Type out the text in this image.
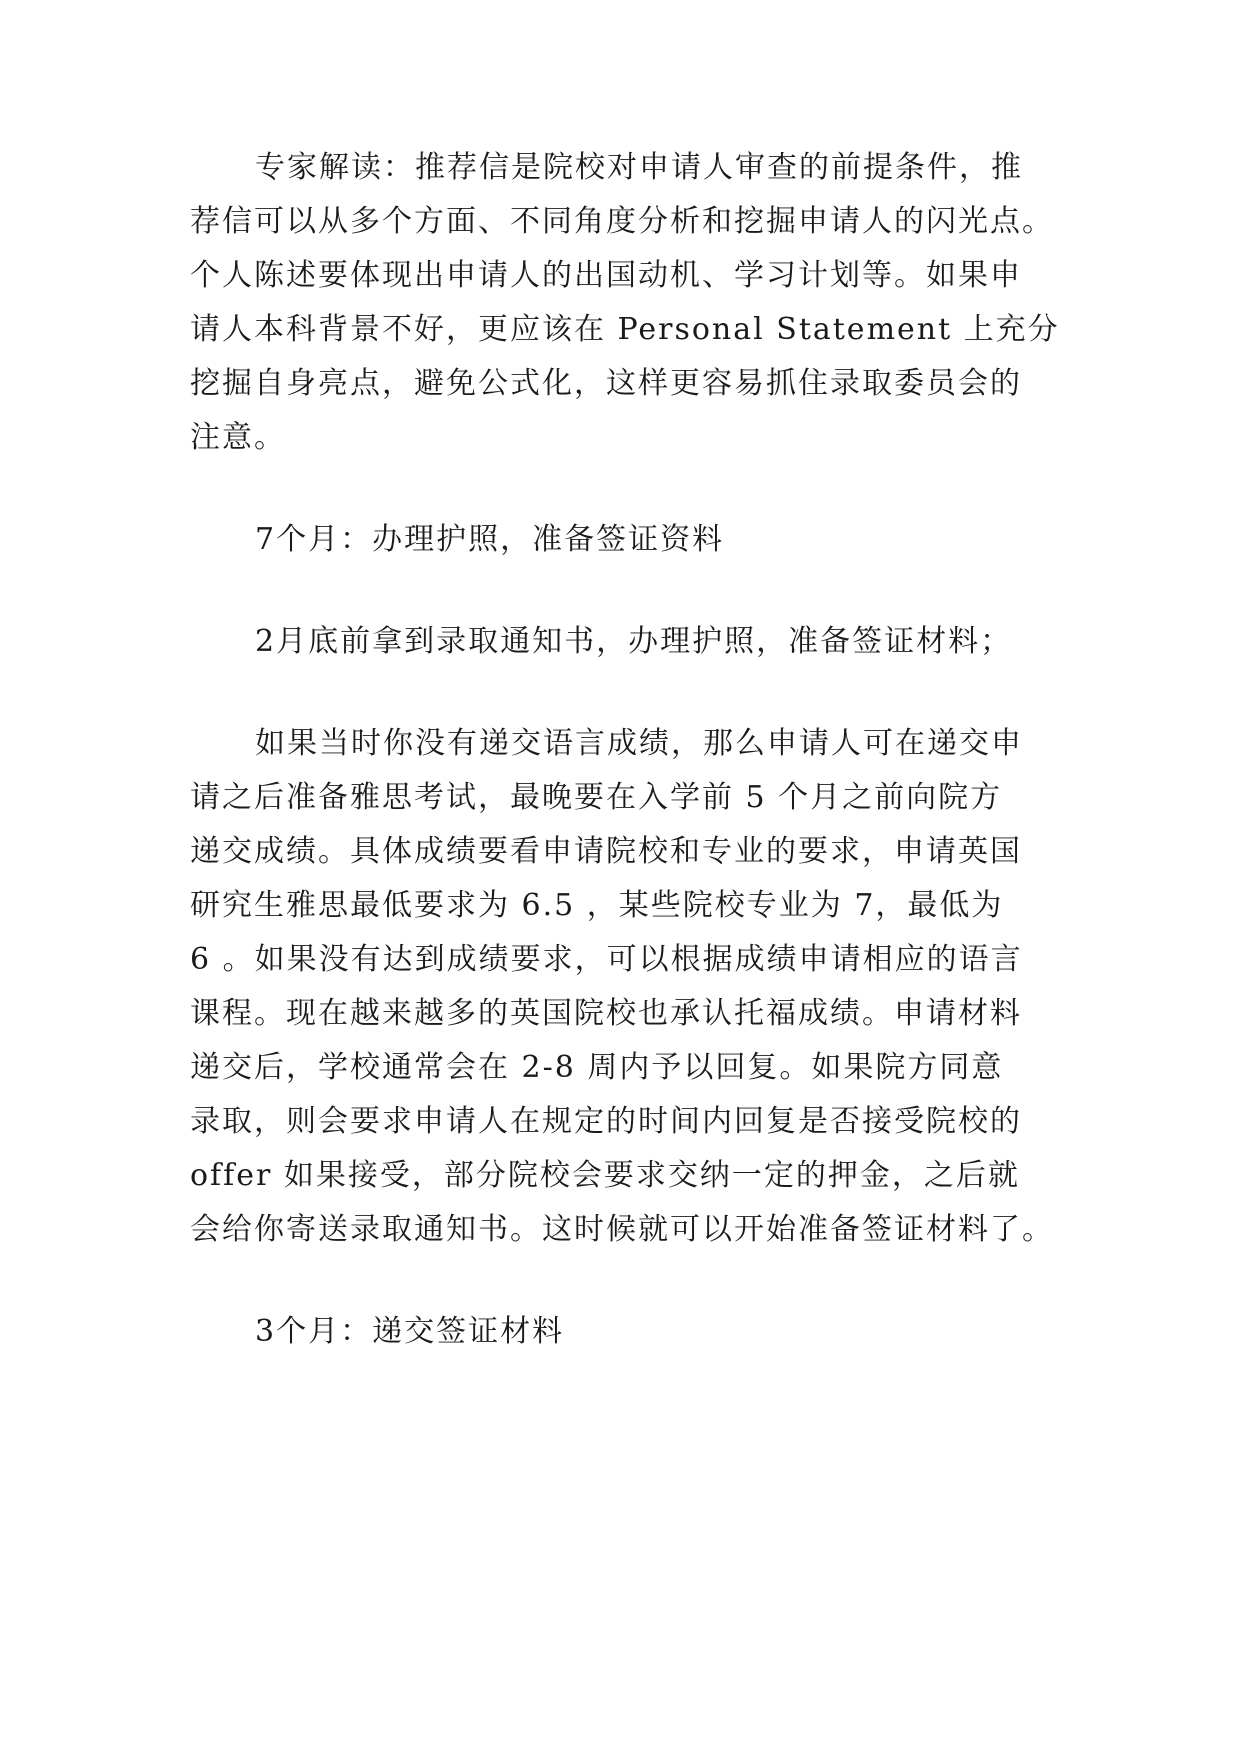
专家解读：推荐信是院校对申请人审查的前提条件，推
荐信可以从多个方面、不同角度分析和挖掘申请人的闪光点。
个人陈述要体现出申请人的出国动机、学习计划等。如果申
请人本科背景不好，更应该在 Personal Statement 上充分
挖掘自身亮点，避免公式化，这样更容易抓住录取委员会的
注意。
7个月：办理护照，准备签证资料
2月底前拿到录取通知书，办理护照，准备签证材料；
如果当时你没有递交语言成绩，那么申请人可在递交申
请之后准备雅思考试，最晚要在入学前 5 个月之前向院方
递交成绩。具体成绩要看申请院校和专业的要求，申请英国
研究生雅思最低要求为 6.5 ，某些院校专业为 7，最低为
6 。如果没有达到成绩要求，可以根据成绩申请相应的语言
课程。现在越来越多的英国院校也承认托福成绩。申请材料
递交后，学校通常会在 2-8 周内予以回复。如果院方同意
录取，则会要求申请人在规定的时间内回复是否接受院校的
offer 如果接受，部分院校会要求交纳一定的押金，之后就
会给你寄送录取通知书。这时候就可以开始准备签证材料了。
3个月：递交签证材料
